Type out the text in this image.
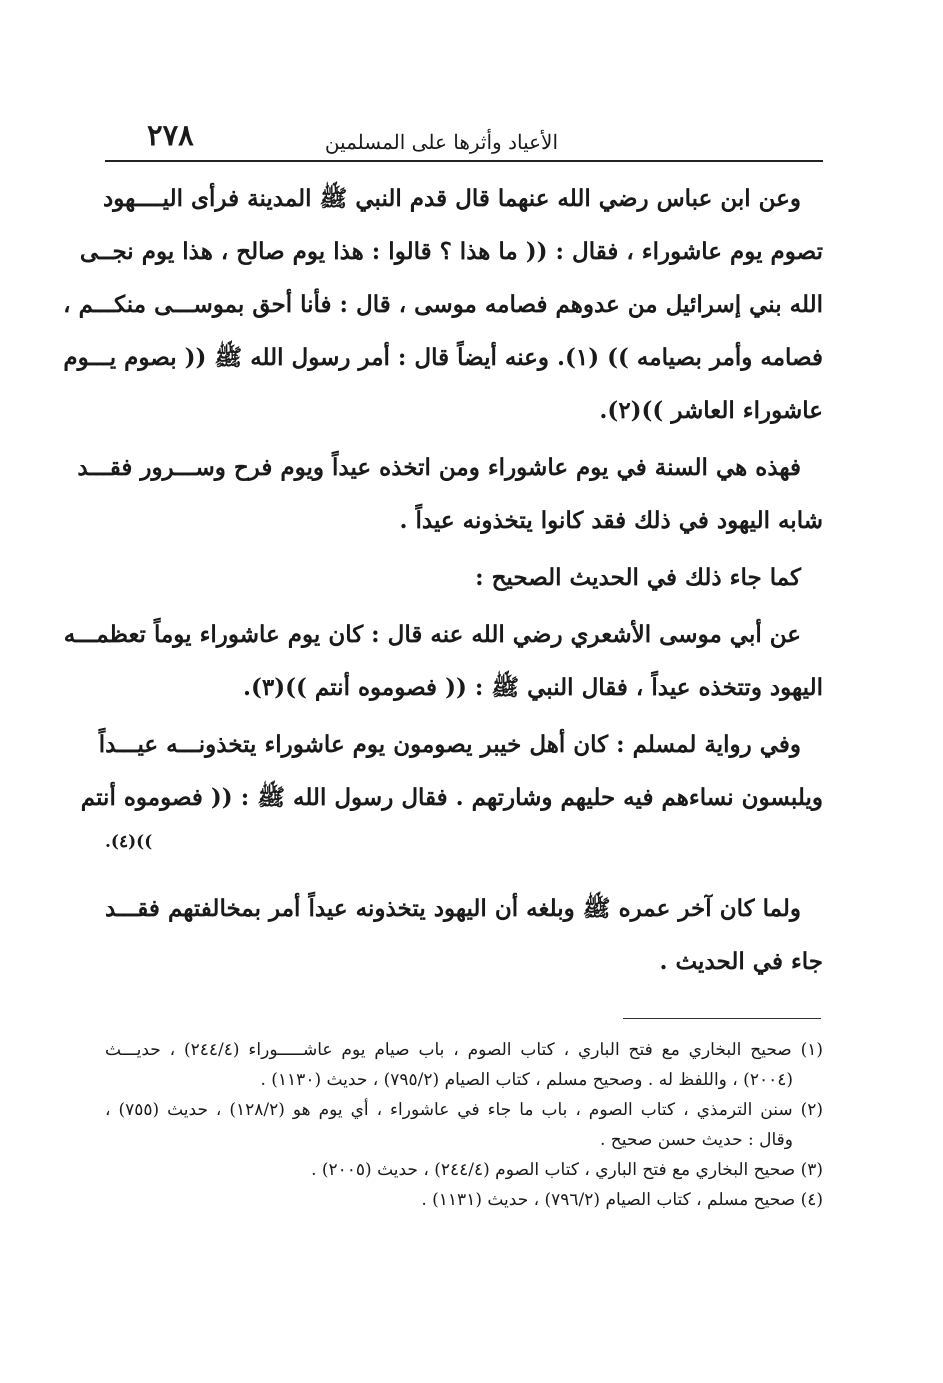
٢٧٨	الأعياد وأثرها على المسلمين
وعن ابن عباس رضي الله عنهما قال قدم النبي ﷺ المدينة فرأى اليــــهود
تصوم يوم عاشوراء ، فقال : (( ما هذا ؟ قالوا : هذا يوم صالح ، هذا يوم نجــى
الله بني إسرائيل من عدوهم فصامه موسى ، قال : فأنا أحق بموســـى منكـــم ،
فصامه وأمر بصيامه )) (١). وعنه أيضاً قال : أمر رسول الله ﷺ (( بصوم يـــوم
عاشوراء العاشر ))(٢).
فهذه هي السنة في يوم عاشوراء ومن اتخذه عيداً ويوم فرح وســـرور فقـــد
شابه اليهود في ذلك فقد كانوا يتخذونه عيداً .
كما جاء ذلك في الحديث الصحيح :
عن أبي موسى الأشعري رضي الله عنه قال : كان يوم عاشوراء يوماً تعظمـــه
اليهود وتتخذه عيداً ، فقال النبي ﷺ : (( فصوموه أنتم ))(٣).
وفي رواية لمسلم : كان أهل خيبر يصومون يوم عاشوراء يتخذونـــه عيـــداً
ويلبسون نساءهم فيه حليهم وشارتهم . فقال رسول الله ﷺ : (( فصوموه أنتم
))(٤).
ولما كان آخر عمره ﷺ وبلغه أن اليهود يتخذونه عيداً أمر بمخالفتهم فقـــد
جاء في الحديث .
(١) صحيح البخاري مع فتح الباري ، كتاب الصوم ، باب صيام يوم عاشـــــوراء (٢٤٤/٤) ، حديـــث
(٢٠٠٤) ، واللفظ له . وصحيح مسلم ، كتاب الصيام (٧٩٥/٢) ، حديث (١١٣٠) .
(٢) سنن الترمذي ، كتاب الصوم ، باب ما جاء في عاشوراء ، أي يوم هو (١٢٨/٢) ، حديث (٧٥٥) ،
وقال : حديث حسن صحيح .
(٣) صحيح البخاري مع فتح الباري ، كتاب الصوم (٢٤٤/٤) ، حديث (٢٠٠٥) .
(٤) صحيح مسلم ، كتاب الصيام (٧٩٦/٢) ، حديث (١١٣١) .
